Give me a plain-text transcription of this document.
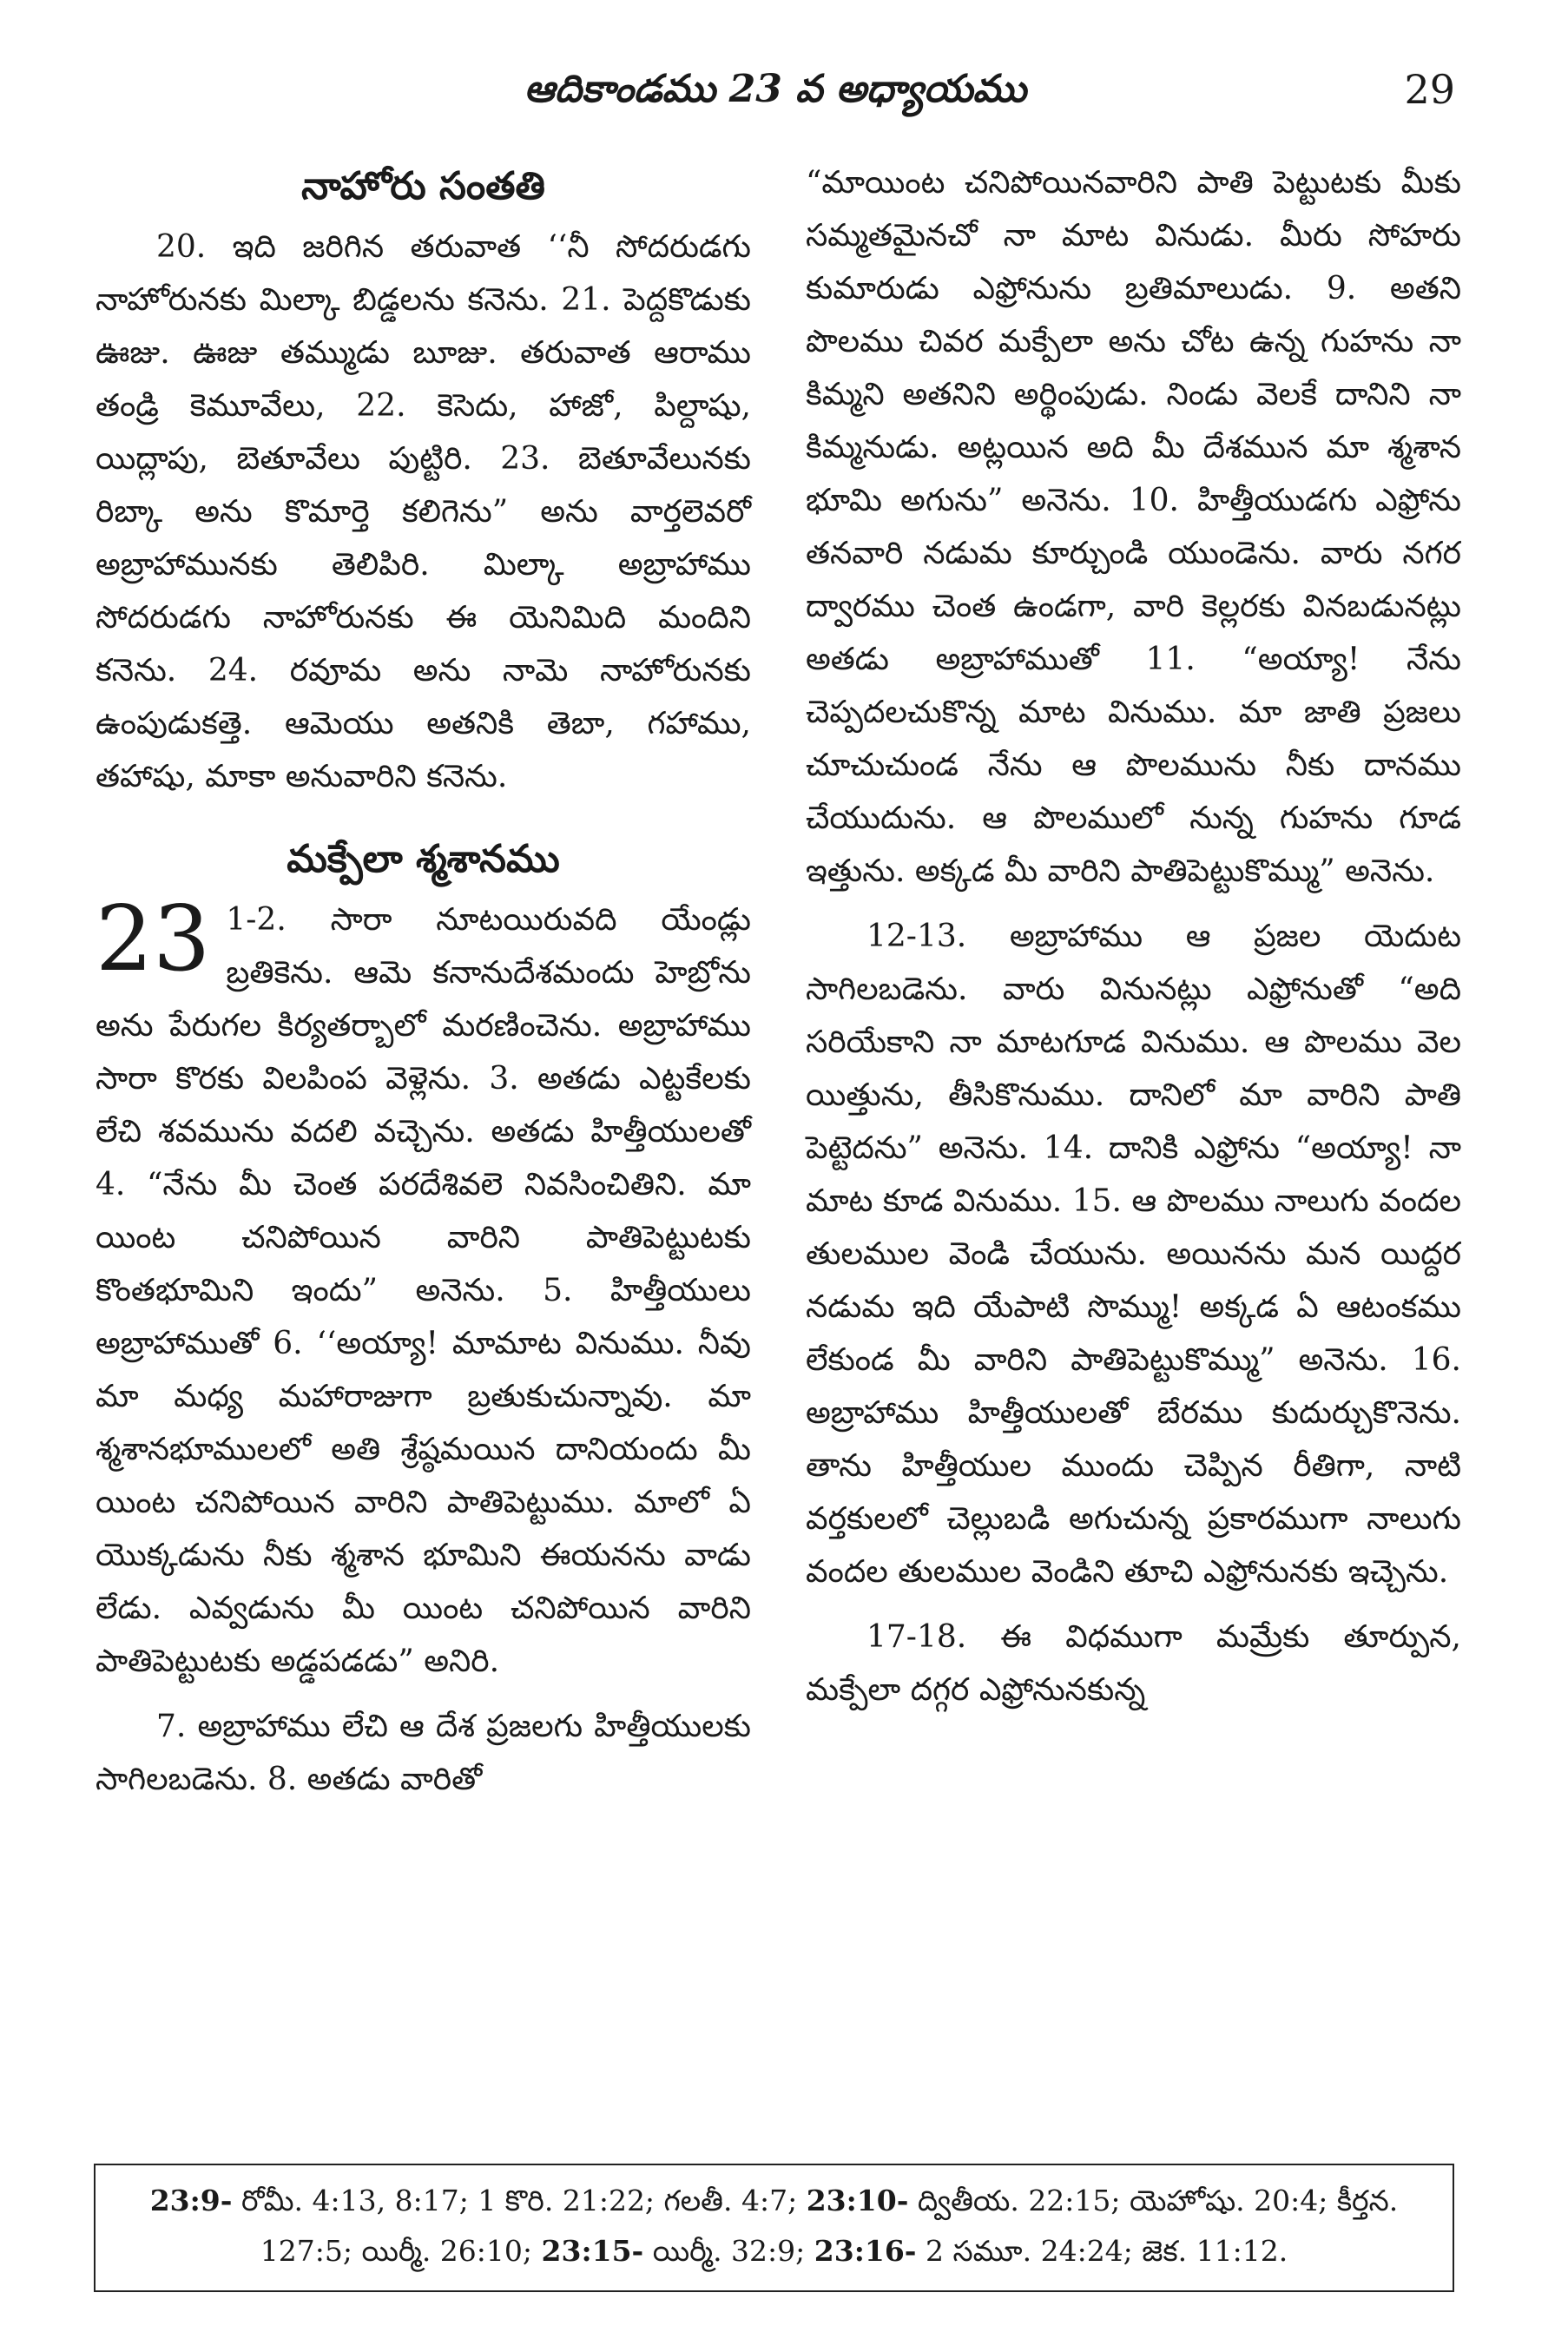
ఆదికాండము 23 వ అధ్యాయము	29
నాహోరు సంతతి

20. ఇది జరిగిన తరువాత ‘‘నీ సోదరుడగు నాహోరునకు మిల్కా బిడ్డలను కనెను. 21. పెద్దకొడుకు ఊజు. ఊజు తమ్ముడు బూజు. తరువాత ఆరాము తండ్రి కెమూవేలు, 22. కెసెదు, హాజో, పిల్దాషు, యిద్లాపు, బెతూవేలు పుట్టిరి. 23. బెతూవేలునకు రిబ్కా అను కొమార్తె కలిగెను” అను వార్తలెవరో అబ్రాహామునకు తెలిపిరి. మిల్కా అబ్రాహాము సోదరుడగు నాహోరునకు ఈ యెనిమిది మందిని కనెను. 24. రవూమ అను నామె నాహోరునకు ఉంపుడుకత్తె. ఆమెయు అతనికి తెబా, గహాము, తహాషు, మాకా అనువారిని కనెను.

మక్పేలా శ్మశానము

23 1-2. సారా నూటయిరువది యేండ్లు బ్రతికెను. ఆమె కనానుదేశమందు హెబ్రోను అను పేరుగల కిర్యతర్బాలో మరణించెను. అబ్రాహాము సారా కొరకు విలపింప వెళ్లెను. 3. అతడు ఎట్టకేలకు లేచి శవమును వదలి వచ్చెను. అతడు హిత్తీయులతో 4. “నేను మీ చెంత పరదేశివలె నివసించితిని. మా యింట చనిపోయిన వారిని పాతిపెట్టుటకు కొంతభూమిని ఇందు” అనెను. 5. హిత్తీయులు అబ్రాహాముతో 6. ‘‘అయ్యా! మామాట వినుము. నీవు మా మధ్య మహారాజుగా బ్రతుకుచున్నావు. మా శ్మశానభూములలో అతి శ్రేష్ఠమయిన దానియందు మీ యింట చనిపోయిన వారిని పాతిపెట్టుము. మాలో ఏ యొక్కడును నీకు శ్మశాన భూమిని ఈయనను వాడు లేడు. ఎవ్వడును మీ యింట చనిపోయిన వారిని పాతిపెట్టుటకు అడ్డపడడు” అనిరి.

7. అబ్రాహాము లేచి ఆ దేశ ప్రజలగు హిత్తీయులకు సాగిలబడెను. 8. అతడు వారితో

“మాయింట చనిపోయినవారిని పాతి పెట్టుటకు మీకు సమ్మతమైనచో నా మాట వినుడు. మీరు సోహరు కుమారుడు ఎఫ్రోనును బ్రతిమాలుడు. 9. అతని పొలము చివర మక్పేలా అను చోట ఉన్న గుహను నా కిమ్మని అతనిని అర్థింపుడు. నిండు వెలకే దానిని నా కిమ్మనుడు. అట్లయిన అది మీ దేశమున మా శ్మశాన భూమి అగును” అనెను. 10. హిత్తీయుడగు ఎఫ్రోను తనవారి నడుమ కూర్చుండి యుండెను. వారు నగర ద్వారము చెంత ఉండగా, వారి కెల్లరకు వినబడునట్లు అతడు అబ్రాహాముతో 11. “అయ్యా! నేను చెప్పదలచుకొన్న మాట వినుము. మా జాతి ప్రజలు చూచుచుండ నేను ఆ పొలమును నీకు దానము చేయుదును. ఆ పొలములో నున్న గుహను గూడ ఇత్తును. అక్కడ మీ వారిని పాతిపెట్టుకొమ్ము” అనెను.

12-13. అబ్రాహాము ఆ ప్రజల యెదుట సాగిలబడెను. వారు వినునట్లు ఎఫ్రోనుతో “అది సరియేకాని నా మాటగూడ వినుము. ఆ పొలము వెల యిత్తును, తీసికొనుము. దానిలో మా వారిని పాతి పెట్టెదను” అనెను. 14. దానికి ఎఫ్రోను “అయ్యా! నా మాట కూడ వినుము. 15. ఆ పొలము నాలుగు వందల తులముల వెండి చేయును. అయినను మన యిద్దర నడుమ ఇది యేపాటి సొమ్ము! అక్కడ ఏ ఆటంకము లేకుండ మీ వారిని పాతిపెట్టుకొమ్ము” అనెను. 16. అబ్రాహాము హిత్తీయులతో బేరము కుదుర్చుకొనెను. తాను హిత్తీయుల ముందు చెప్పిన రీతిగా, నాటి వర్తకులలో చెల్లుబడి అగుచున్న ప్రకారముగా నాలుగు వందల తులముల వెండిని తూచి ఎఫ్రోనునకు ఇచ్చెను.

17-18. ఈ విధముగా మమ్రేకు తూర్పున, మక్పేలా దగ్గర ఎఫ్రోనునకున్న

23:9- రోమీ. 4:13, 8:17; 1 కొరి. 21:22; గలతీ. 4:7; 23:10- ద్వితీయ. 22:15; యెహోషు. 20:4; కీర్తన. 127:5; యిర్మీ. 26:10; 23:15- యిర్మీ. 32:9; 23:16- 2 సమూ. 24:24; జెక. 11:12.
